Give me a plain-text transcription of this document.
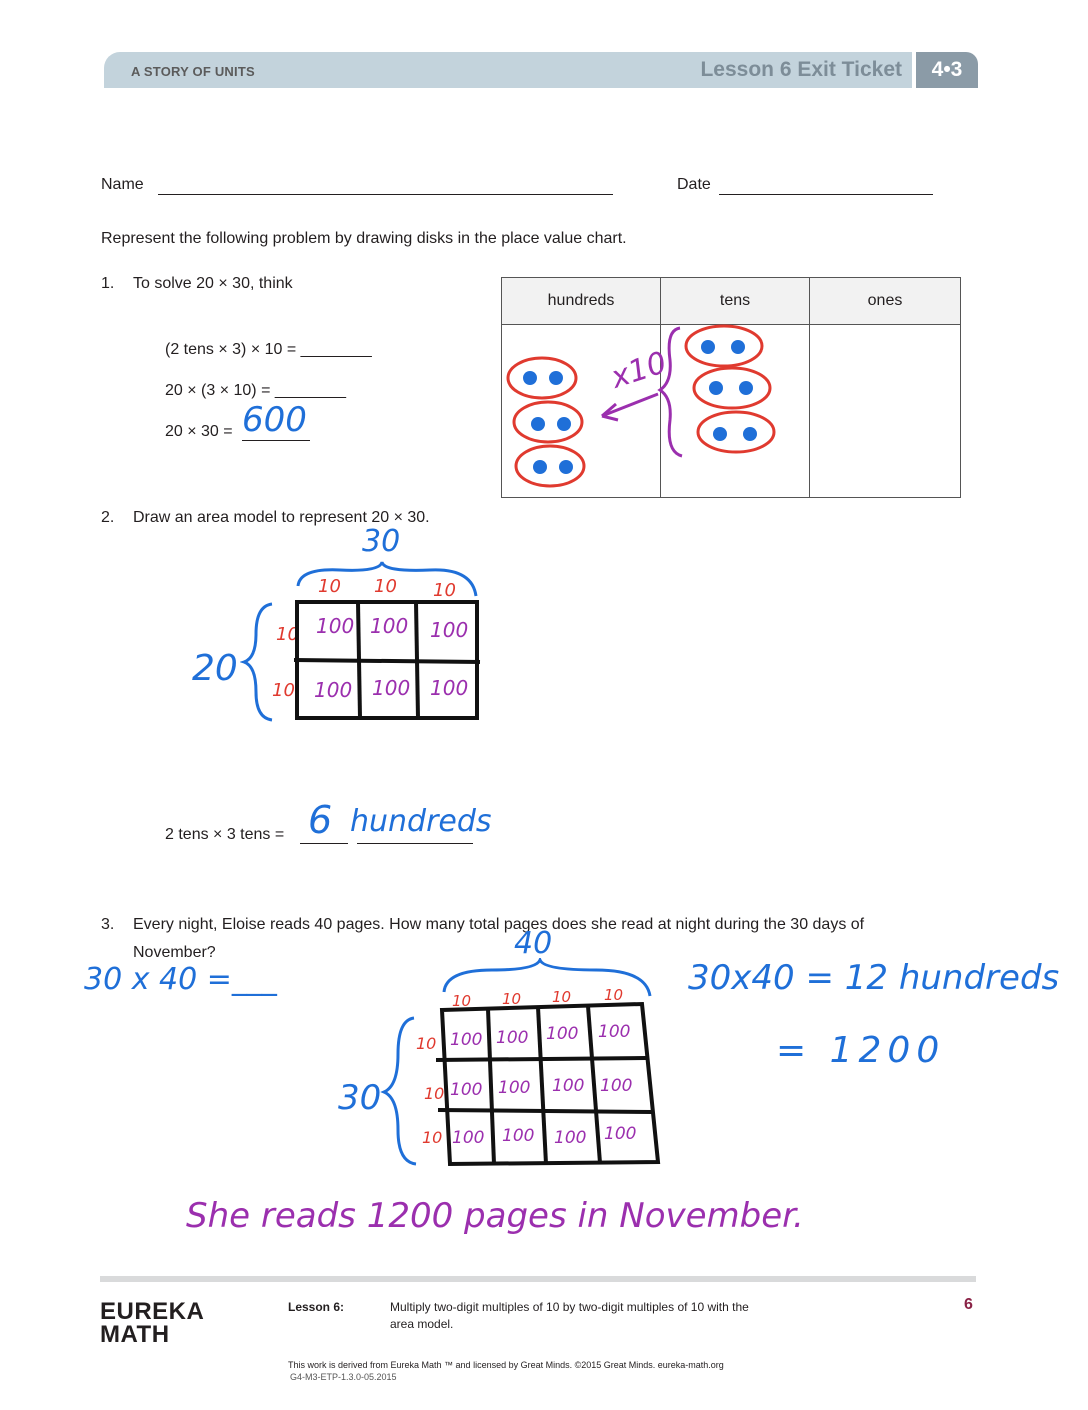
A STORY OF UNITS	Lesson 6 Exit Ticket	4•3
Name	Date
Represent the following problem by drawing disks in the place value chart.
1. To solve 20 × 30, think
(2 tens × 3) × 10 = ________
20 × (3 × 10) = ________
20 × 30 = 600
hundreds	tens	ones

x10
2. Draw an area model to represent 20 × 30.
30
10 10 10
20
10
10
100 100 100
100 100 100
2 tens × 3 tens = 6 hundreds
3. Every night, Eloise reads 40 pages. How many total pages does she read at night during the 30 days of
November?
30 x 40 =___
40
10 10 10 10
30
10
10
10
100 100 100 100
100 100 100 100
100 100 100 100
30x40 = 12 hundreds
= 1200
She reads 1200 pages in November.
EUREKA
MATH
Lesson 6:	Multiply two-digit multiples of 10 by two-digit multiples of 10 with the
area model.
6
This work is derived from Eureka Math ™ and licensed by Great Minds. ©2015 Great Minds. eureka-math.org
G4-M3-ETP-1.3.0-05.2015
